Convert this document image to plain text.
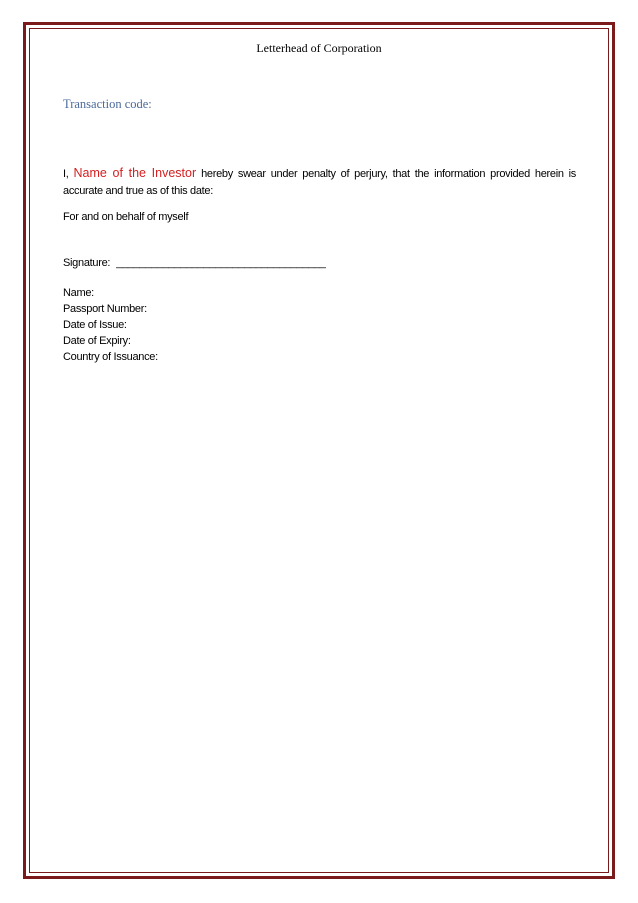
Letterhead of Corporation
Transaction code:
I, Name of the Investor hereby swear under penalty of perjury, that the information provided herein is accurate and true as of this date:
For and on behalf of myself
Signature: ____________________________________
Name:
Passport Number:
Date of Issue:
Date of Expiry:
Country of Issuance:
